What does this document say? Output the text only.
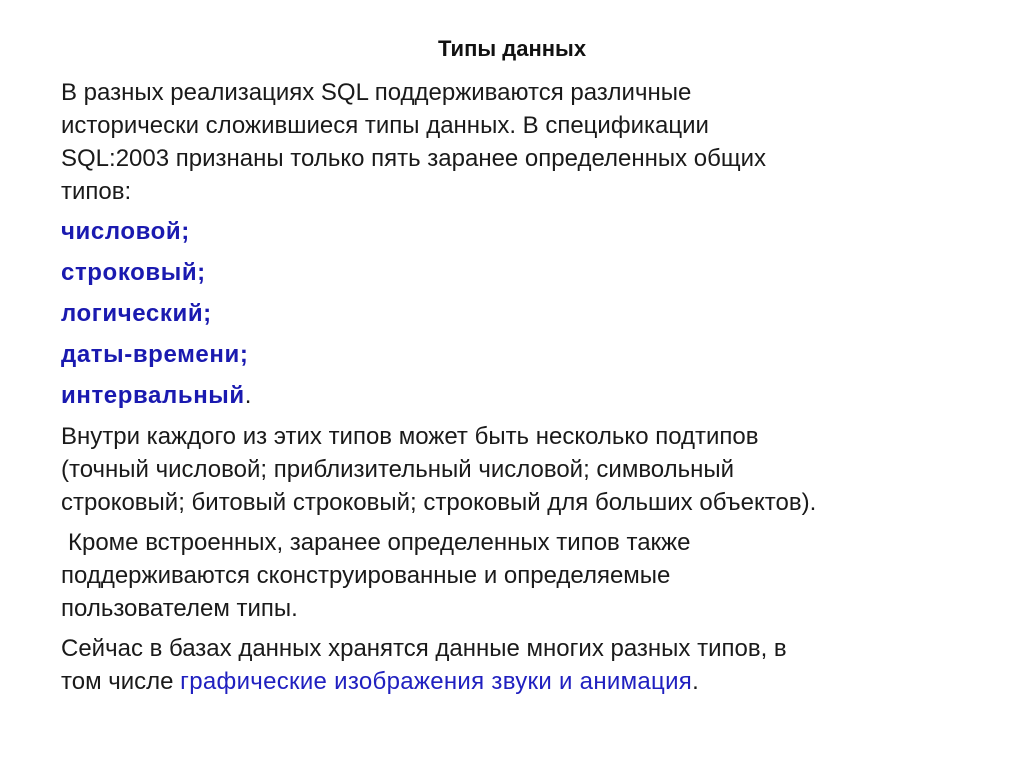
Типы данных
В разных реализациях SQL поддерживаются различные
исторически сложившиеся типы данных. В спецификации
SQL:2003 признаны только пять заранее определенных общих
типов:
числовой;
строковый;
логический;
даты-времени;
интервальный.
Внутри каждого из этих типов может быть несколько подтипов
(точный числовой; приблизительный числовой; символьный
строковый; битовый строковый; строковый для больших объектов).
Кроме встроенных, заранее определенных типов также
поддерживаются сконструированные и определяемые
пользователем типы.
Сейчас в базах данных хранятся данные многих разных типов, в
том числе графические изображения звуки и анимация.
